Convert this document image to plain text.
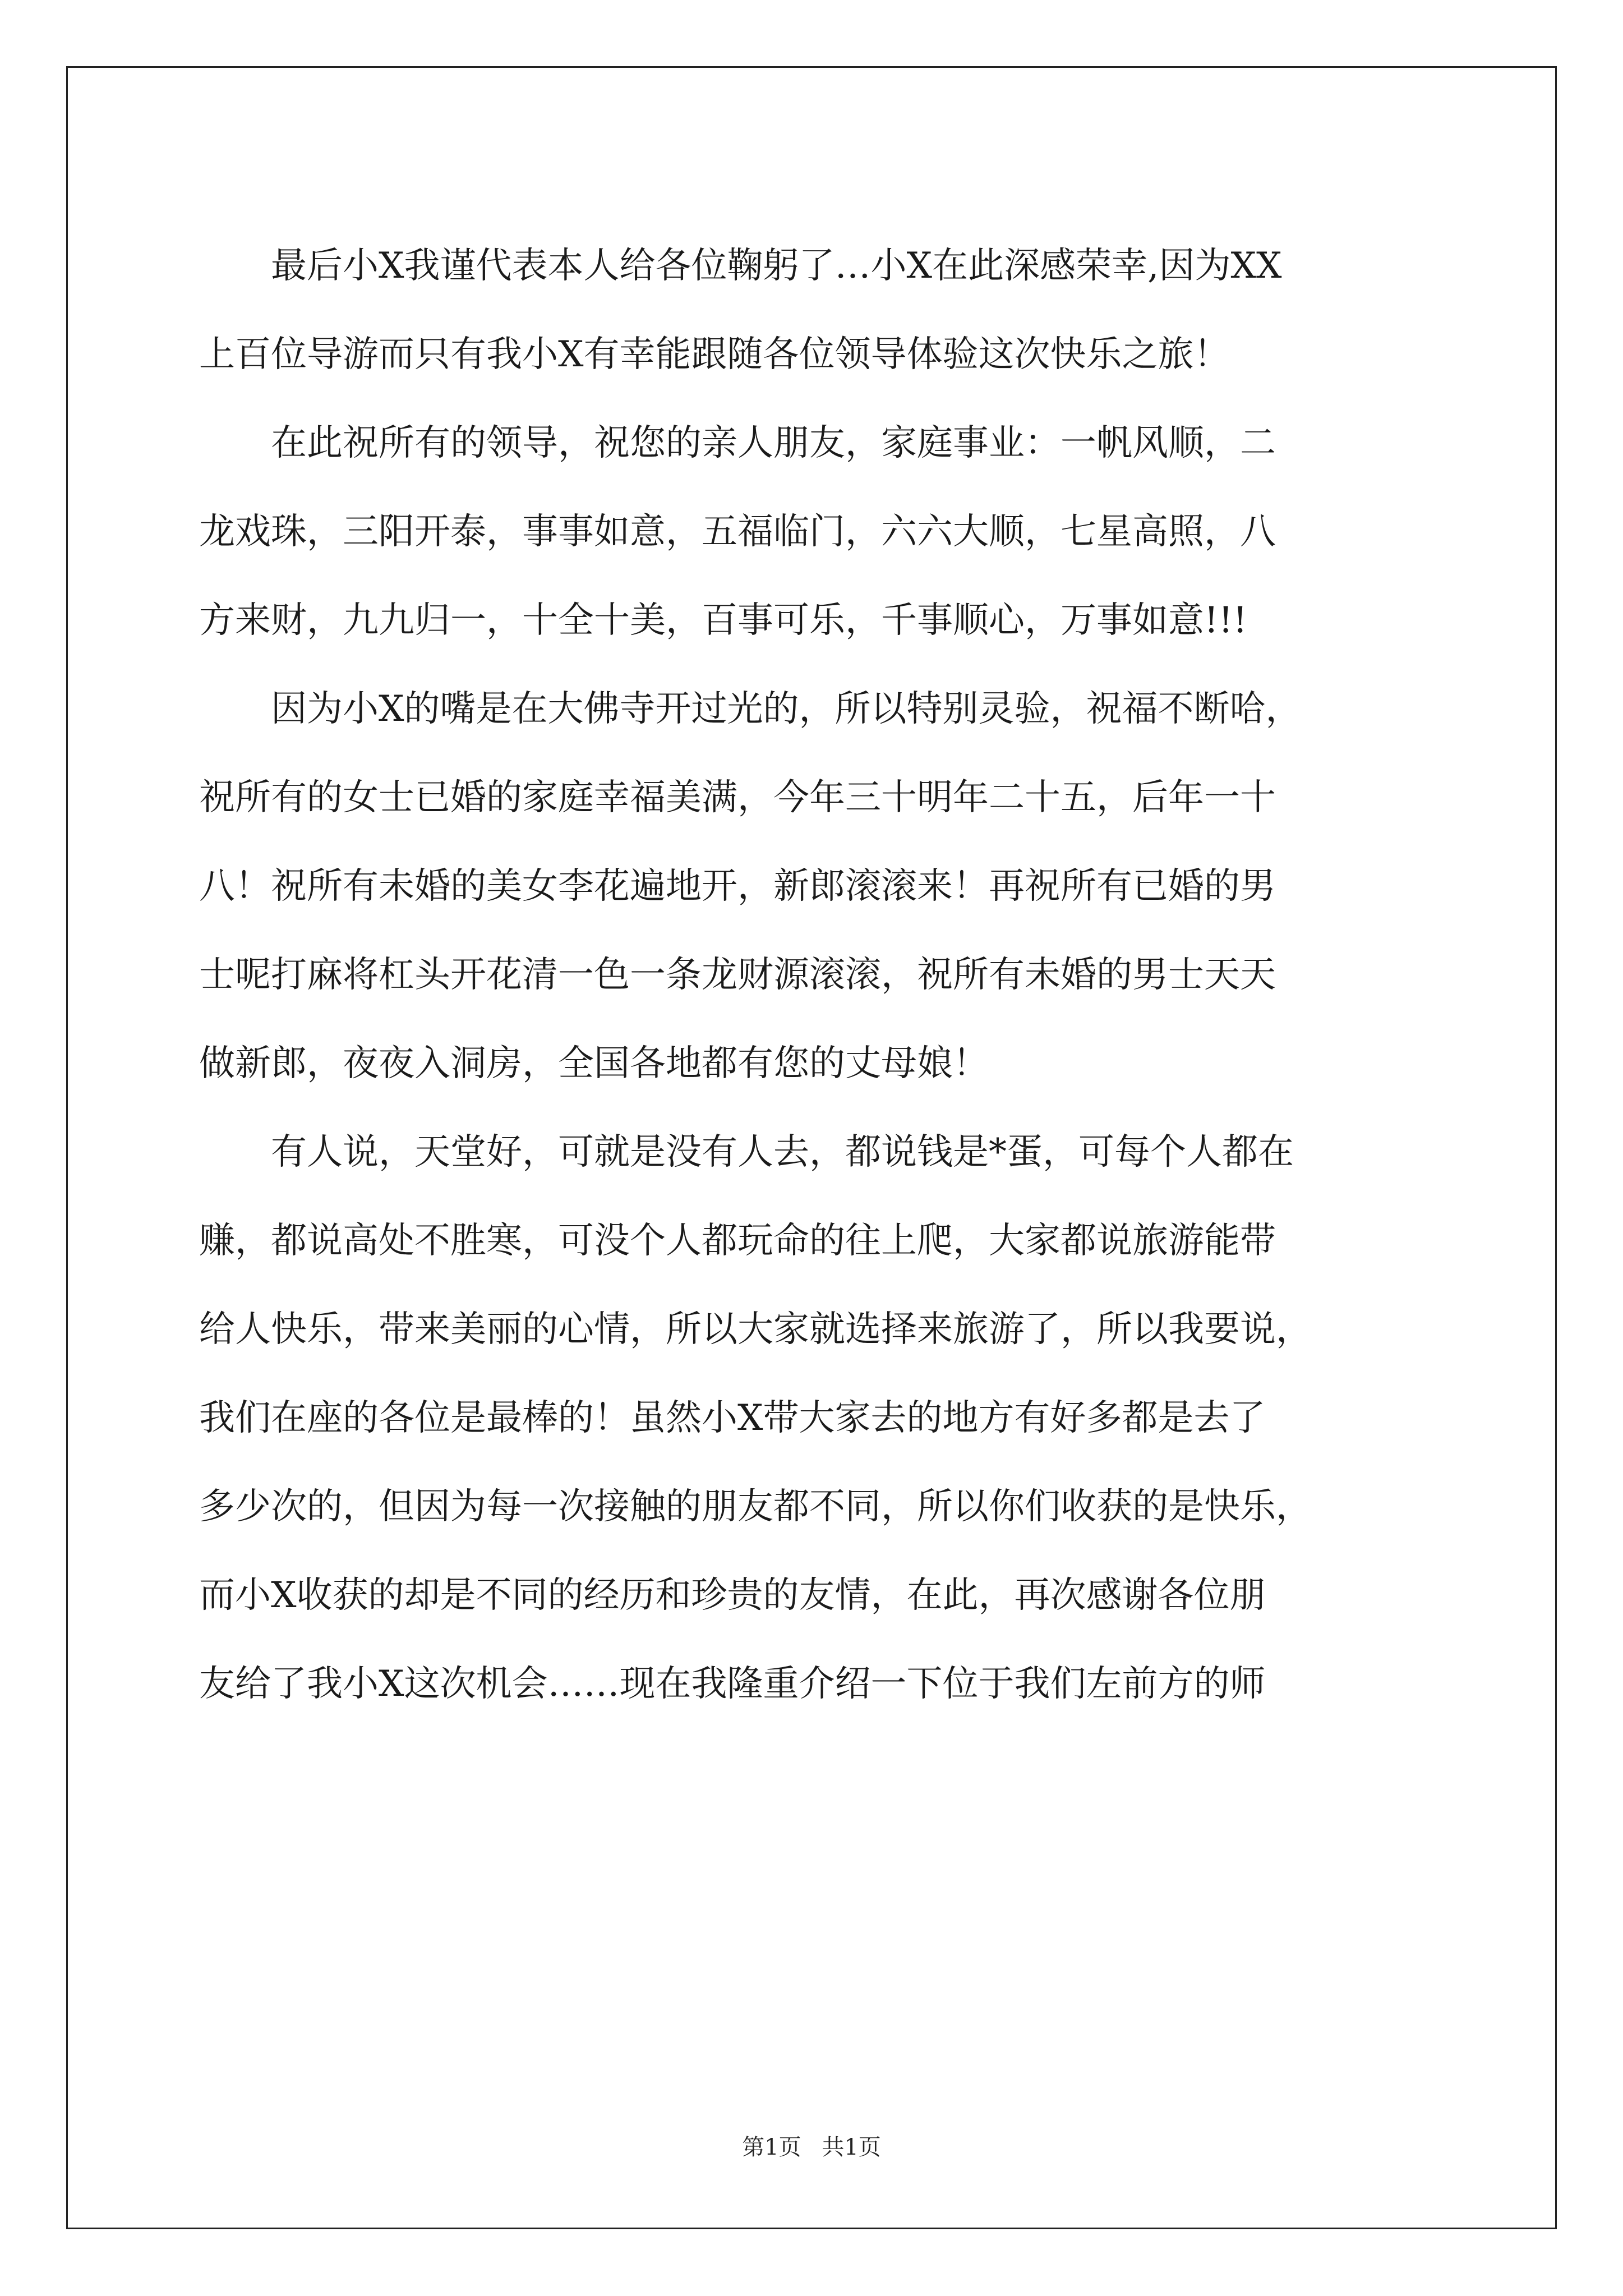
　　最后小X我谨代表本人给各位鞠躬了…小X在此深感荣幸,因为XX
上百位导游而只有我小X有幸能跟随各位领导体验这次快乐之旅！
　　在此祝所有的领导，祝您的亲人朋友，家庭事业：一帆风顺，二
龙戏珠，三阳开泰，事事如意，五福临门，六六大顺，七星高照，八
方来财，九九归一，十全十美，百事可乐，千事顺心，万事如意!!!
　　因为小X的嘴是在大佛寺开过光的，所以特别灵验，祝福不断哈，
祝所有的女士已婚的家庭幸福美满，今年三十明年二十五，后年一十
八！祝所有未婚的美女李花遍地开，新郎滚滚来！再祝所有已婚的男
士呢打麻将杠头开花清一色一条龙财源滚滚，祝所有未婚的男士天天
做新郎，夜夜入洞房，全国各地都有您的丈母娘！
　　有人说，天堂好，可就是没有人去，都说钱是*蛋，可每个人都在
赚，都说高处不胜寒，可没个人都玩命的往上爬，大家都说旅游能带
给人快乐，带来美丽的心情，所以大家就选择来旅游了，所以我要说，
我们在座的各位是最棒的！虽然小X带大家去的地方有好多都是去了
多少次的，但因为每一次接触的朋友都不同，所以你们收获的是快乐，
而小X收获的却是不同的经历和珍贵的友情，在此，再次感谢各位朋
友给了我小X这次机会……现在我隆重介绍一下位于我们左前方的师
第1页 共1页
